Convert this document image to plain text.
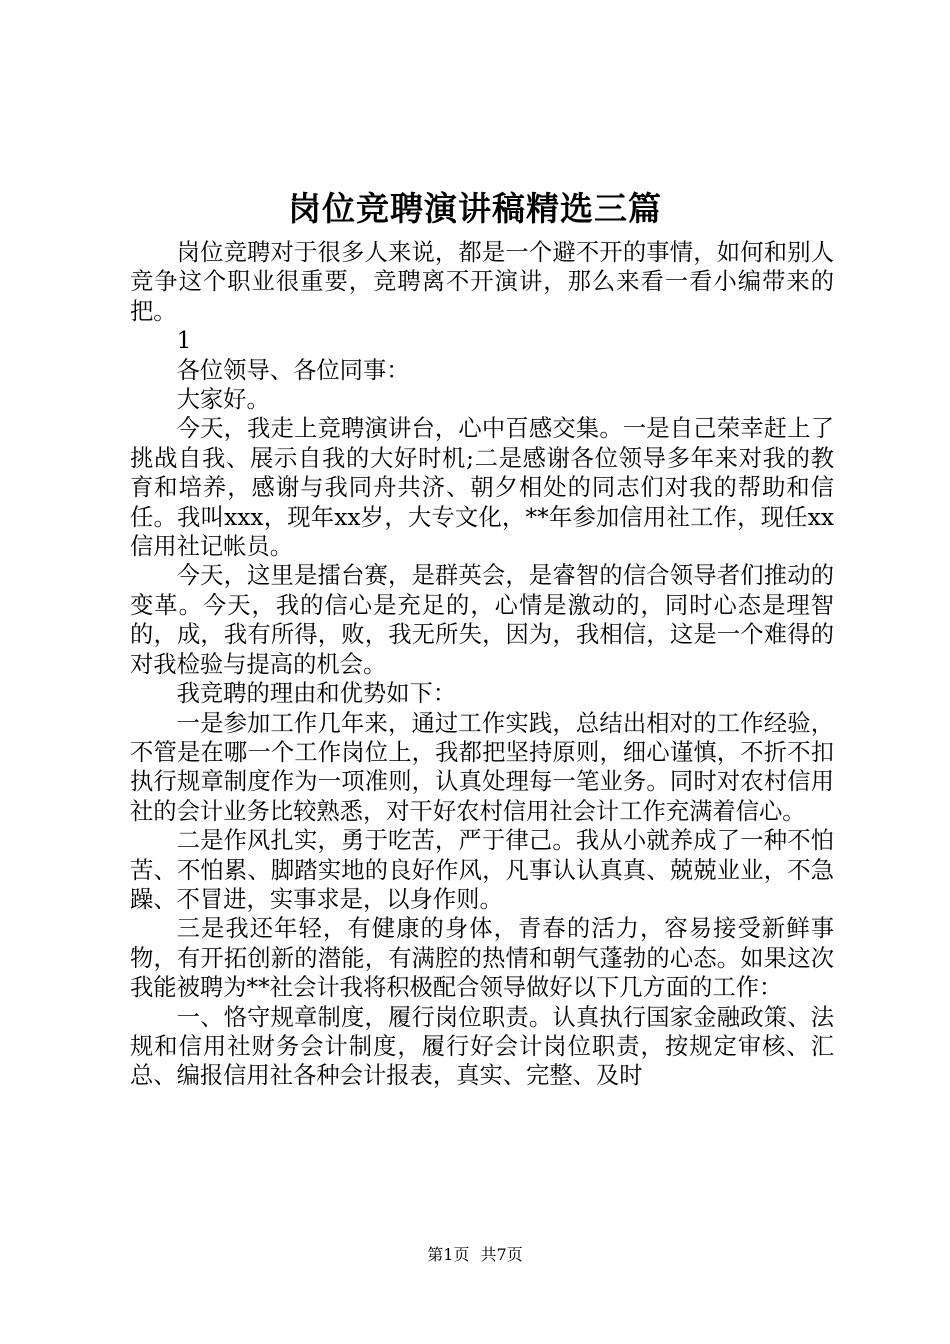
岗位竞聘演讲稿精选三篇

岗位竞聘对于很多人来说，都是一个避不开的事情，如何和别人竞争这个职业很重要，竞聘离不开演讲，那么来看一看小编带来的把。

1

各位领导、各位同事：

大家好。

今天，我走上竞聘演讲台，心中百感交集。一是自己荣幸赶上了挑战自我、展示自我的大好时机;二是感谢各位领导多年来对我的教育和培养，感谢与我同舟共济、朝夕相处的同志们对我的帮助和信任。我叫xxx，现年xx岁，大专文化，**年参加信用社工作，现任xx信用社记帐员。

今天，这里是擂台赛，是群英会，是睿智的信合领导者们推动的变革。今天，我的信心是充足的，心情是激动的，同时心态是理智的，成，我有所得，败，我无所失，因为，我相信，这是一个难得的对我检验与提高的机会。

我竞聘的理由和优势如下：

一是参加工作几年来，通过工作实践，总结出相对的工作经验，不管是在哪一个工作岗位上，我都把坚持原则，细心谨慎，不折不扣执行规章制度作为一项准则，认真处理每一笔业务。同时对农村信用社的会计业务比较熟悉，对干好农村信用社会计工作充满着信心。

二是作风扎实，勇于吃苦，严于律己。我从小就养成了一种不怕苦、不怕累、脚踏实地的良好作风，凡事认认真真、兢兢业业，不急躁、不冒进，实事求是，以身作则。

三是我还年轻，有健康的身体，青春的活力，容易接受新鲜事物，有开拓创新的潜能，有满腔的热情和朝气蓬勃的心态。如果这次我能被聘为**社会计我将积极配合领导做好以下几方面的工作：

一、恪守规章制度，履行岗位职责。认真执行国家金融政策、法规和信用社财务会计制度，履行好会计岗位职责，按规定审核、汇总、编报信用社各种会计报表，真实、完整、及时

第1页 共7页
